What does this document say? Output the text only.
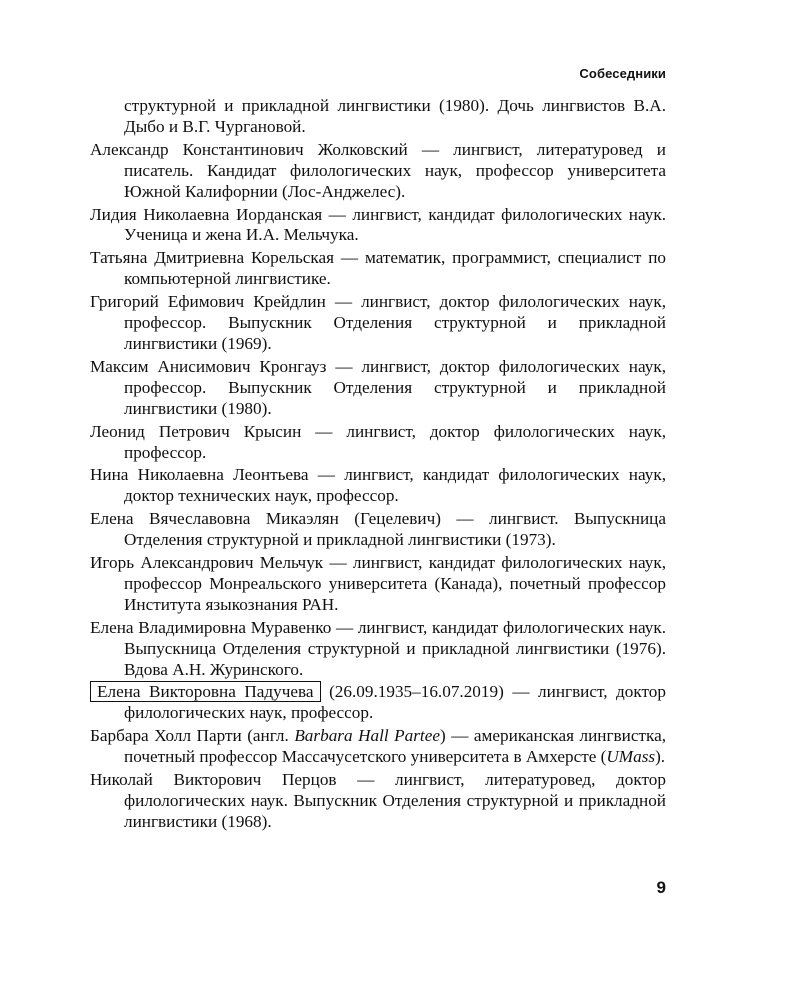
Собеседники

структурной и прикладной лингвистики (1980). Дочь лингвистов В.А. Дыбо и В.Г. Чургановой.

Александр Константинович Жолковский — лингвист, литературовед и писатель. Кандидат филологических наук, профессор университета Южной Калифорнии (Лос-Анджелес).

Лидия Николаевна Иорданская — лингвист, кандидат филологических наук. Ученица и жена И.А. Мельчука.

Татьяна Дмитриевна Корельская — математик, программист, специалист по компьютерной лингвистике.

Григорий Ефимович Крейдлин — лингвист, доктор филологических наук, профессор. Выпускник Отделения структурной и прикладной лингвистики (1969).

Максим Анисимович Кронгауз — лингвист, доктор филологических наук, профессор. Выпускник Отделения структурной и прикладной лингвистики (1980).

Леонид Петрович Крысин — лингвист, доктор филологических наук, профессор.

Нина Николаевна Леонтьева — лингвист, кандидат филологических наук, доктор технических наук, профессор.

Елена Вячеславовна Микаэлян (Гецелевич) — лингвист. Выпускница Отделения структурной и прикладной лингвистики (1973).

Игорь Александрович Мельчук — лингвист, кандидат филологических наук, профессор Монреальского университета (Канада), почетный профессор Института языкознания РАН.

Елена Владимировна Муравенко — лингвист, кандидат филологических наук. Выпускница Отделения структурной и прикладной лингвистики (1976). Вдова А.Н. Журинского.

Елена Викторовна Падучева (26.09.1935–16.07.2019) — лингвист, доктор филологических наук, профессор.

Барбара Холл Парти (англ. Barbara Hall Partee) — американская лингвистка, почетный профессор Массачусетского университета в Амхерсте (UMass).

Николай Викторович Перцов — лингвист, литературовед, доктор филологических наук. Выпускник Отделения структурной и прикладной лингвистики (1968).

9
